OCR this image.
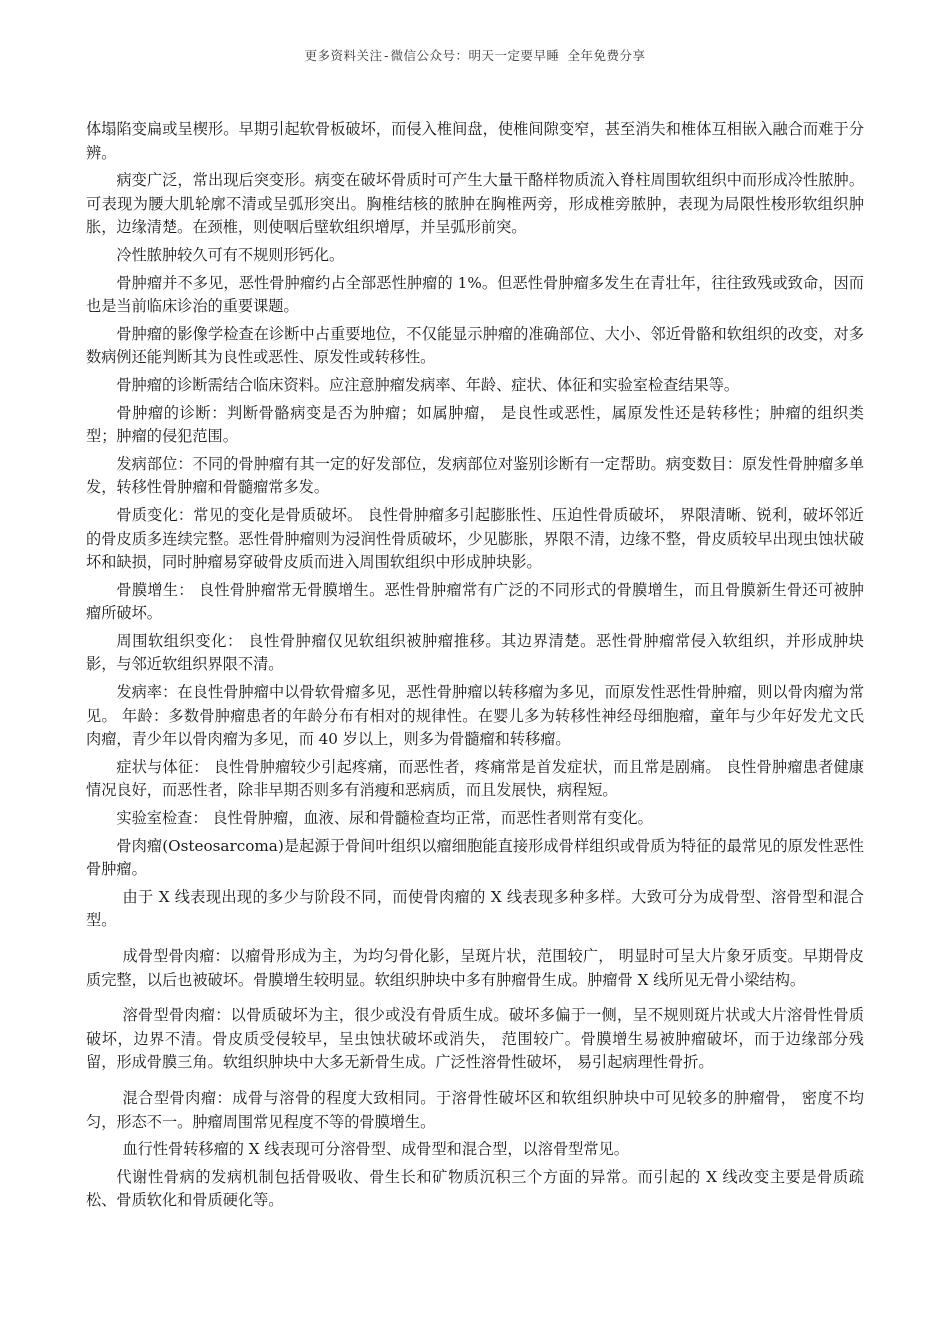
更多资料关注-微信公众号：明天一定要早睡 全年免费分享

体塌陷变扁或呈楔形。早期引起软骨板破坏，而侵入椎间盘，使椎间隙变窄，甚至消失和椎体互相嵌入融合而难于分辨。

病变广泛，常出现后突变形。病变在破坏骨质时可产生大量干酪样物质流入脊柱周围软组织中而形成冷性脓肿。可表现为腰大肌轮廓不清或呈弧形突出。胸椎结核的脓肿在胸椎两旁，形成椎旁脓肿，表现为局限性梭形软组织肿胀，边缘清楚。在颈椎，则使咽后壁软组织增厚，并呈弧形前突。

冷性脓肿较久可有不规则形钙化。

骨肿瘤并不多见，恶性骨肿瘤约占全部恶性肿瘤的 1%。但恶性骨肿瘤多发生在青壮年，往往致残或致命，因而也是当前临床诊治的重要课题。

骨肿瘤的影像学检查在诊断中占重要地位，不仅能显示肿瘤的准确部位、大小、邻近骨骼和软组织的改变，对多数病例还能判断其为良性或恶性、原发性或转移性。

骨肿瘤的诊断需结合临床资料。应注意肿瘤发病率、年龄、症状、体征和实验室检查结果等。

骨肿瘤的诊断：判断骨骼病变是否为肿瘤；如属肿瘤， 是良性或恶性，属原发性还是转移性；肿瘤的组织类型；肿瘤的侵犯范围。

发病部位：不同的骨肿瘤有其一定的好发部位，发病部位对鉴别诊断有一定帮助。病变数目：原发性骨肿瘤多单发，转移性骨肿瘤和骨髓瘤常多发。

骨质变化：常见的变化是骨质破坏。 良性骨肿瘤多引起膨胀性、压迫性骨质破坏， 界限清晰、锐利，破坏邻近的骨皮质多连续完整。恶性骨肿瘤则为浸润性骨质破坏，少见膨胀，界限不清，边缘不整，骨皮质较早出现虫蚀状破坏和缺损，同时肿瘤易穿破骨皮质而进入周围软组织中形成肿块影。

骨膜增生： 良性骨肿瘤常无骨膜增生。恶性骨肿瘤常有广泛的不同形式的骨膜增生，而且骨膜新生骨还可被肿瘤所破坏。

周围软组织变化： 良性骨肿瘤仅见软组织被肿瘤推移。其边界清楚。恶性骨肿瘤常侵入软组织，并形成肿块影，与邻近软组织界限不清。

发病率：在良性骨肿瘤中以骨软骨瘤多见，恶性骨肿瘤以转移瘤为多见，而原发性恶性骨肿瘤，则以骨肉瘤为常见。 年龄：多数骨肿瘤患者的年龄分布有相对的规律性。在婴儿多为转移性神经母细胞瘤，童年与少年好发尤文氏肉瘤，青少年以骨肉瘤为多见，而 40 岁以上，则多为骨髓瘤和转移瘤。

症状与体征： 良性骨肿瘤较少引起疼痛，而恶性者，疼痛常是首发症状，而且常是剧痛。 良性骨肿瘤患者健康情况良好，而恶性者，除非早期否则多有消瘦和恶病质，而且发展快，病程短。

实验室检查： 良性骨肿瘤，血液、尿和骨髓检查均正常，而恶性者则常有变化。

骨肉瘤(Osteosarcoma)是起源于骨间叶组织以瘤细胞能直接形成骨样组织或骨质为特征的最常见的原发性恶性骨肿瘤。

由于 X 线表现出现的多少与阶段不同，而使骨肉瘤的 X 线表现多种多样。大致可分为成骨型、溶骨型和混合型。

成骨型骨肉瘤：以瘤骨形成为主，为均匀骨化影，呈斑片状，范围较广， 明显时可呈大片象牙质变。早期骨皮质完整，以后也被破坏。骨膜增生较明显。软组织肿块中多有肿瘤骨生成。肿瘤骨 X 线所见无骨小梁结构。

溶骨型骨肉瘤：以骨质破坏为主，很少或没有骨质生成。破坏多偏于一侧，呈不规则斑片状或大片溶骨性骨质破坏，边界不清。骨皮质受侵较早，呈虫蚀状破坏或消失， 范围较广。骨膜增生易被肿瘤破坏，而于边缘部分残留，形成骨膜三角。软组织肿块中大多无新骨生成。广泛性溶骨性破坏， 易引起病理性骨折。

混合型骨肉瘤：成骨与溶骨的程度大致相同。于溶骨性破坏区和软组织肿块中可见较多的肿瘤骨， 密度不均匀，形态不一。肿瘤周围常见程度不等的骨膜增生。

血行性骨转移瘤的 X 线表现可分溶骨型、成骨型和混合型，以溶骨型常见。

代谢性骨病的发病机制包括骨吸收、骨生长和矿物质沉积三个方面的异常。而引起的 X 线改变主要是骨质疏松、骨质软化和骨质硬化等。
